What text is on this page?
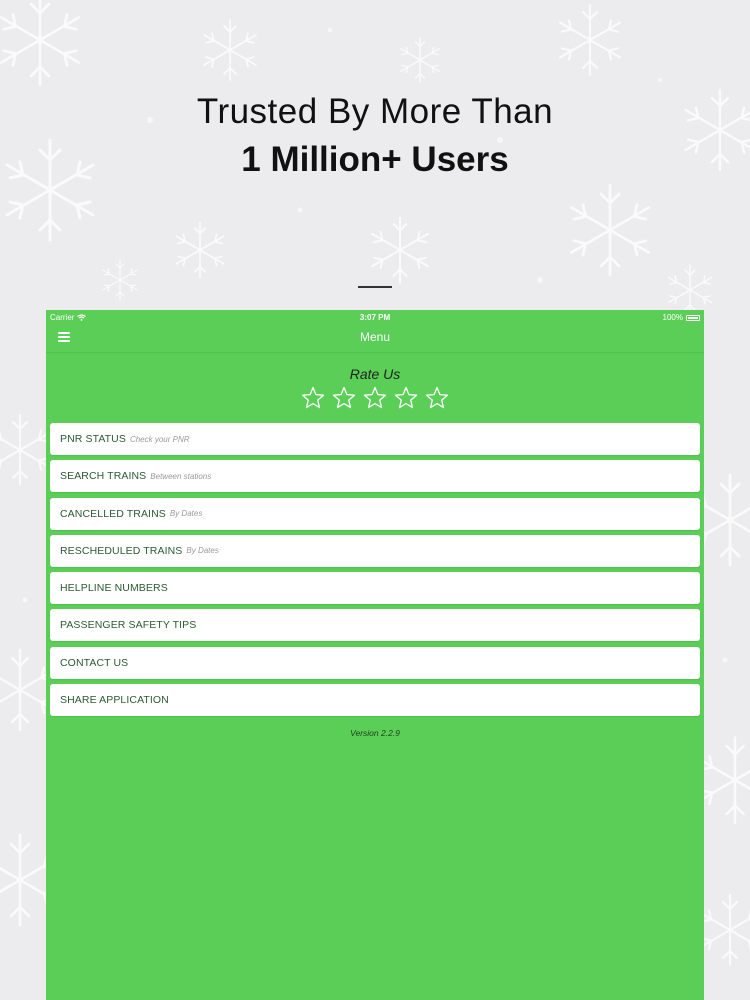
Trusted By More Than
1 Million+ Users
Carrier	3:07 PM	100%
Menu
Rate Us
PNR STATUS Check your PNR
SEARCH TRAINS Between stations
CANCELLED TRAINS By Dates
RESCHEDULED TRAINS By Dates
HELPLINE NUMBERS
PASSENGER SAFETY TIPS
CONTACT US
SHARE APPLICATION
Version 2.2.9
